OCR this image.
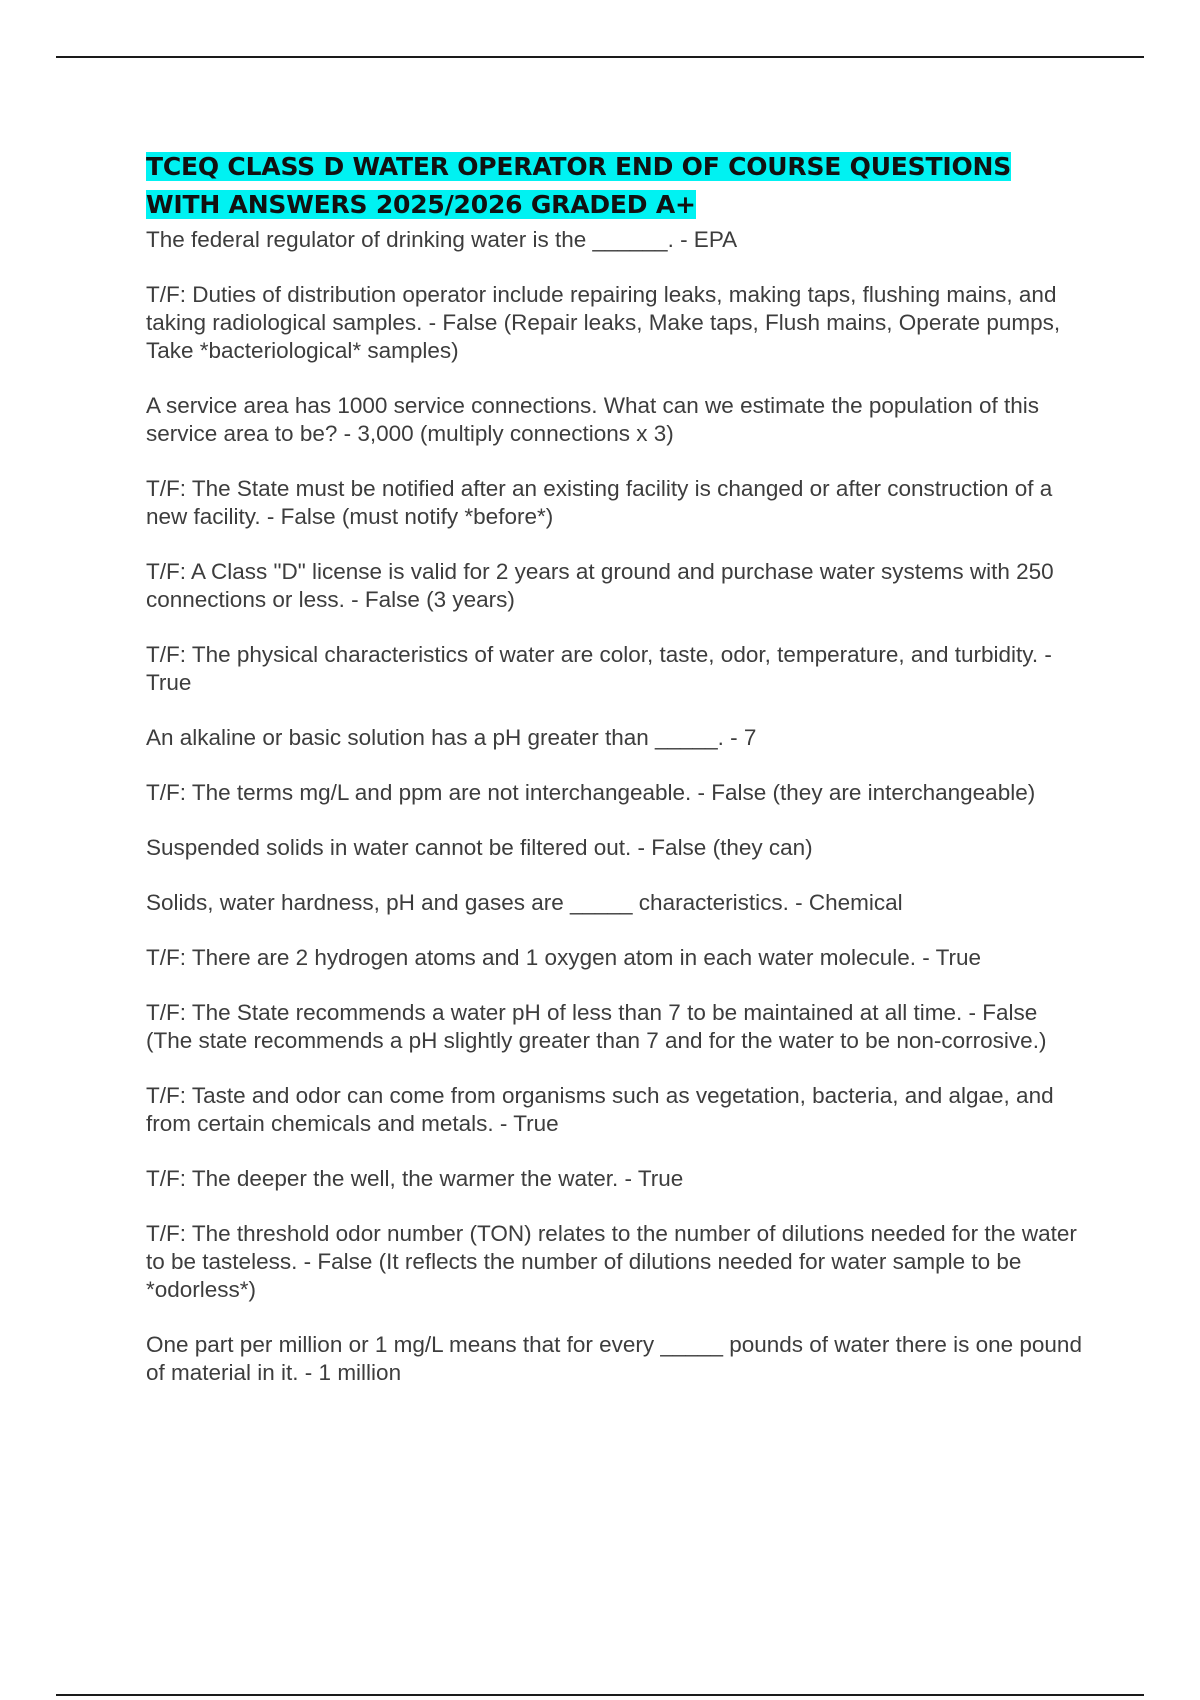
TCEQ CLASS D WATER OPERATOR END OF COURSE QUESTIONS
WITH ANSWERS 2025/2026 GRADED A+

The federal regulator of drinking water is the ______. - EPA

T/F: Duties of distribution operator include repairing leaks, making taps, flushing mains, and taking radiological samples. - False (Repair leaks, Make taps, Flush mains, Operate pumps, Take *bacteriological* samples)

A service area has 1000 service connections. What can we estimate the population of this service area to be? - 3,000 (multiply connections x 3)

T/F: The State must be notified after an existing facility is changed or after construction of a new facility. - False (must notify *before*)

T/F: A Class "D" license is valid for 2 years at ground and purchase water systems with 250 connections or less. - False (3 years)

T/F: The physical characteristics of water are color, taste, odor, temperature, and turbidity. - True

An alkaline or basic solution has a pH greater than _____. - 7

T/F: The terms mg/L and ppm are not interchangeable. - False (they are interchangeable)

Suspended solids in water cannot be filtered out. - False (they can)

Solids, water hardness, pH and gases are _____ characteristics. - Chemical

T/F: There are 2 hydrogen atoms and 1 oxygen atom in each water molecule. - True

T/F: The State recommends a water pH of less than 7 to be maintained at all time. - False (The state recommends a pH slightly greater than 7 and for the water to be non-corrosive.)

T/F: Taste and odor can come from organisms such as vegetation, bacteria, and algae, and from certain chemicals and metals. - True

T/F: The deeper the well, the warmer the water. - True

T/F: The threshold odor number (TON) relates to the number of dilutions needed for the water to be tasteless. - False (It reflects the number of dilutions needed for water sample to be *odorless*)

One part per million or 1 mg/L means that for every _____ pounds of water there is one pound of material in it. - 1 million
